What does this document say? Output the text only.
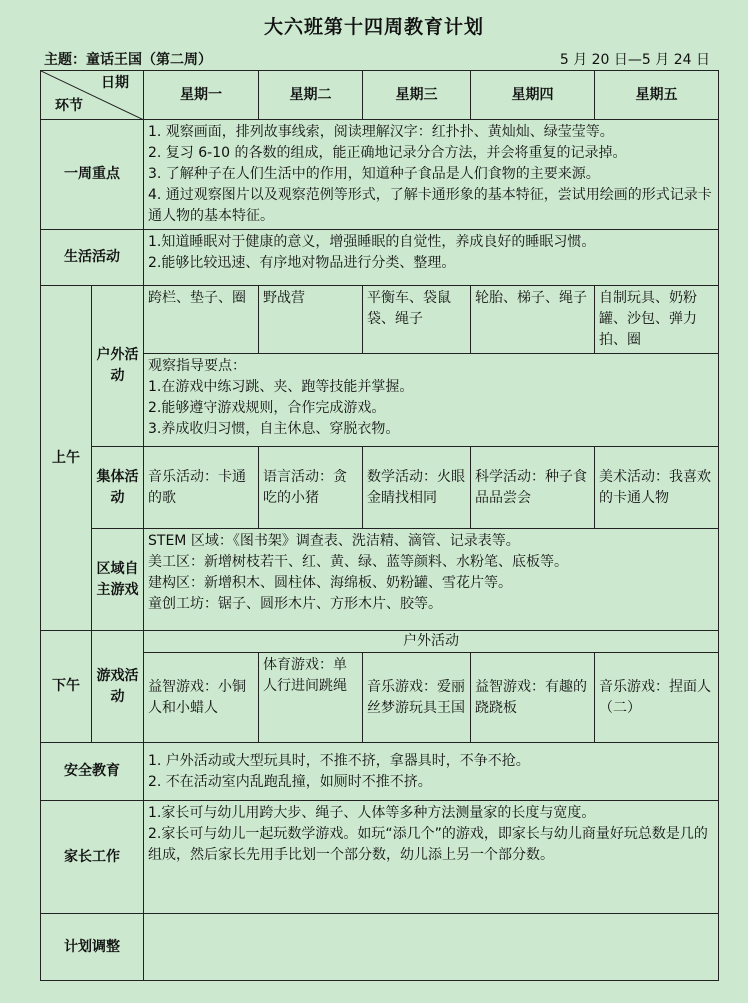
大六班第十四周教育计划
主题：童话王国（第二周）	5 月 20 日—5 月 24 日
日期
环节		星期一	星期二	星期三	星期四	星期五
一周重点		1. 观察画面，排列故事线索，阅读理解汉字：红扑扑、黄灿灿、绿莹莹等。
2. 复习 6-10 的各数的组成，能正确地记录分合方法，并会将重复的记录掉。
3. 了解种子在人们生活中的作用，知道种子食品是人们食物的主要来源。
4. 通过观察图片以及观察范例等形式，了解卡通形象的基本特征，尝试用绘画的形式记录卡通人物的基本特征。				

生活活动		1.知道睡眠对于健康的意义，增强睡眠的自觉性，养成良好的睡眠习惯。
2.能够比较迅速、有序地对物品进行分类、整理。				

上午	户外活动	跨栏、垫子、圈	野战营	平衡车、袋鼠袋、绳子	轮胎、梯子、绳子	自制玩具、奶粉罐、沙包、弹力拍、圈

		观察指导要点：
1.在游戏中练习跳、夹、跑等技能并掌握。
2.能够遵守游戏规则，合作完成游戏。
3.养成收归习惯，自主休息、穿脱衣物。				

	集体活动	音乐活动：卡通的歌	语言活动：贪吃的小猪	数学活动：火眼金睛找相同	科学活动：种子食品品尝会	美术活动：我喜欢的卡通人物
	区域自主游戏	STEM 区域：《图书架》调查表、洗洁精、滴管、记录表等。
美工区：新增树枝若干、红、黄、绿、蓝等颜料、水粉笔、底板等。
建构区：新增积木、圆柱体、海绵板、奶粉罐、雪花片等。
童创工坊：锯子、圆形木片、方形木片、胶等。				

下午	游戏活动	户外活动				
		益智游戏：小铜人和小蜡人	体育游戏：单人行进间跳绳	音乐游戏：爱丽丝梦游玩具王国	益智游戏：有趣的跷跷板	音乐游戏：捏面人（二）
安全教育		1. 户外活动或大型玩具时，不推不挤，拿器具时，不争不抢。
2. 不在活动室内乱跑乱撞，如厕时不推不挤。				

家长工作		1.家长可与幼儿用跨大步、绳子、人体等多种方法测量家的长度与宽度。
2.家长可与幼儿一起玩数学游戏。如玩“添几个”的游戏，即家长与幼儿商量好玩总数是几的组成，然后家长先用手比划一个部分数，幼儿添上另一个部分数。				

计划调整						
